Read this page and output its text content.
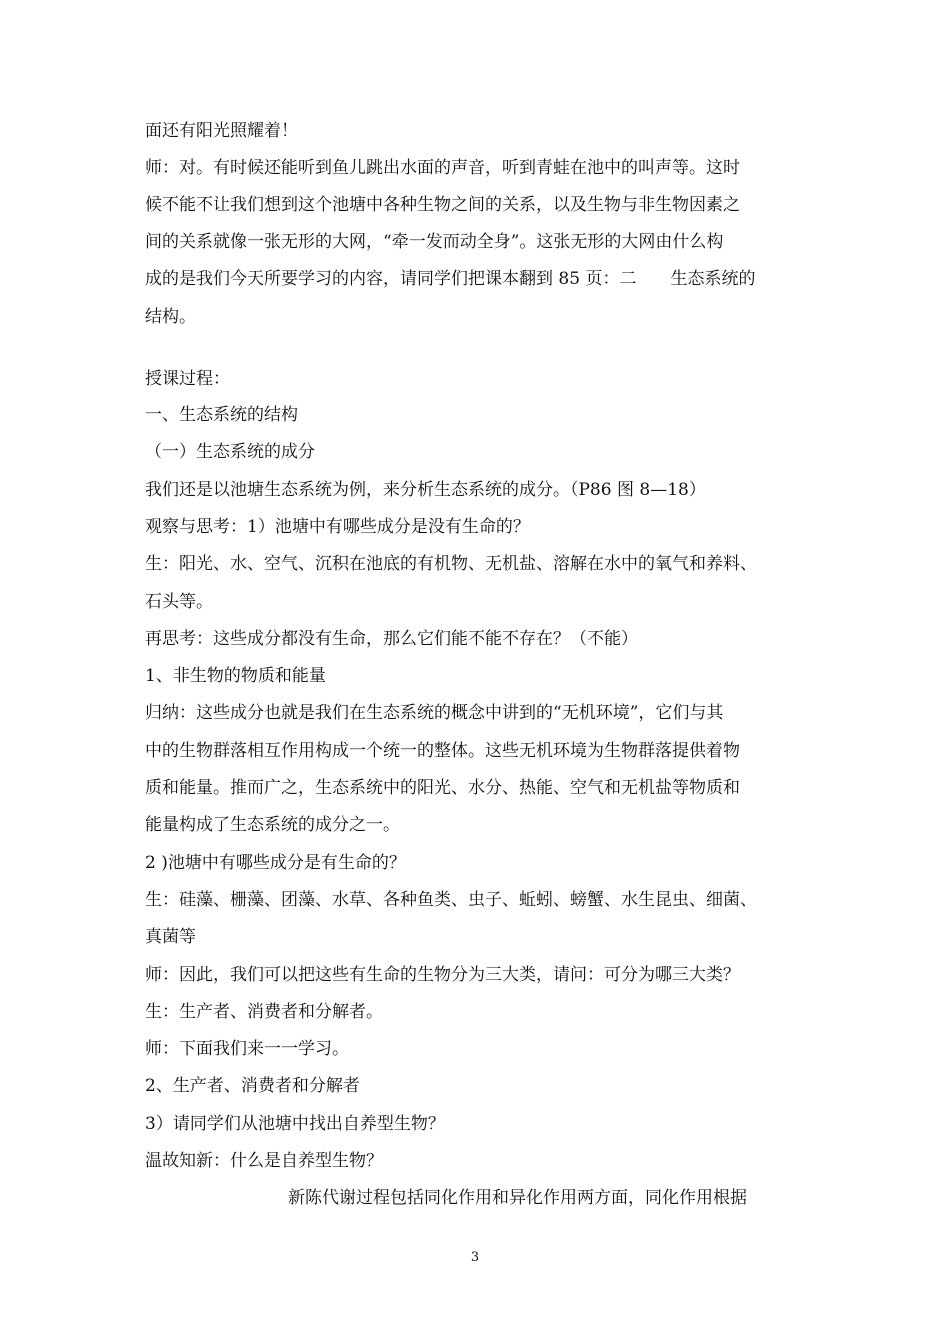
面还有阳光照耀着！
师：对。有时候还能听到鱼儿跳出水面的声音，听到青蛙在池中的叫声等。这时
候不能不让我们想到这个池塘中各种生物之间的关系，以及生物与非生物因素之
间的关系就像一张无形的大网，“牵一发而动全身”。这张无形的大网由什么构
成的是我们今天所要学习的内容，请同学们把课本翻到 85 页：二　　生态系统的
结构。
授课过程：
一、生态系统的结构
（一）生态系统的成分
我们还是以池塘生态系统为例，来分析生态系统的成分。（P86 图 8—18）
观察与思考：1）池塘中有哪些成分是没有生命的？
生：阳光、水、空气、沉积在池底的有机物、无机盐、溶解在水中的氧气和养料、
石头等。
再思考：这些成分都没有生命，那么它们能不能不存在？（不能）
1、非生物的物质和能量
归纳：这些成分也就是我们在生态系统的概念中讲到的“无机环境”，它们与其
中的生物群落相互作用构成一个统一的整体。这些无机环境为生物群落提供着物
质和能量。推而广之，生态系统中的阳光、水分、热能、空气和无机盐等物质和
能量构成了生态系统的成分之一。
2 )池塘中有哪些成分是有生命的？
生：硅藻、栅藻、团藻、水草、各种鱼类、虫子、蚯蚓、螃蟹、水生昆虫、细菌、
真菌等
师：因此，我们可以把这些有生命的生物分为三大类，请问：可分为哪三大类？
生：生产者、消费者和分解者。
师：下面我们来一一学习。
2、生产者、消费者和分解者
3）请同学们从池塘中找出自养型生物？
温故知新：什么是自养型生物？
新陈代谢过程包括同化作用和异化作用两方面，同化作用根据
3
